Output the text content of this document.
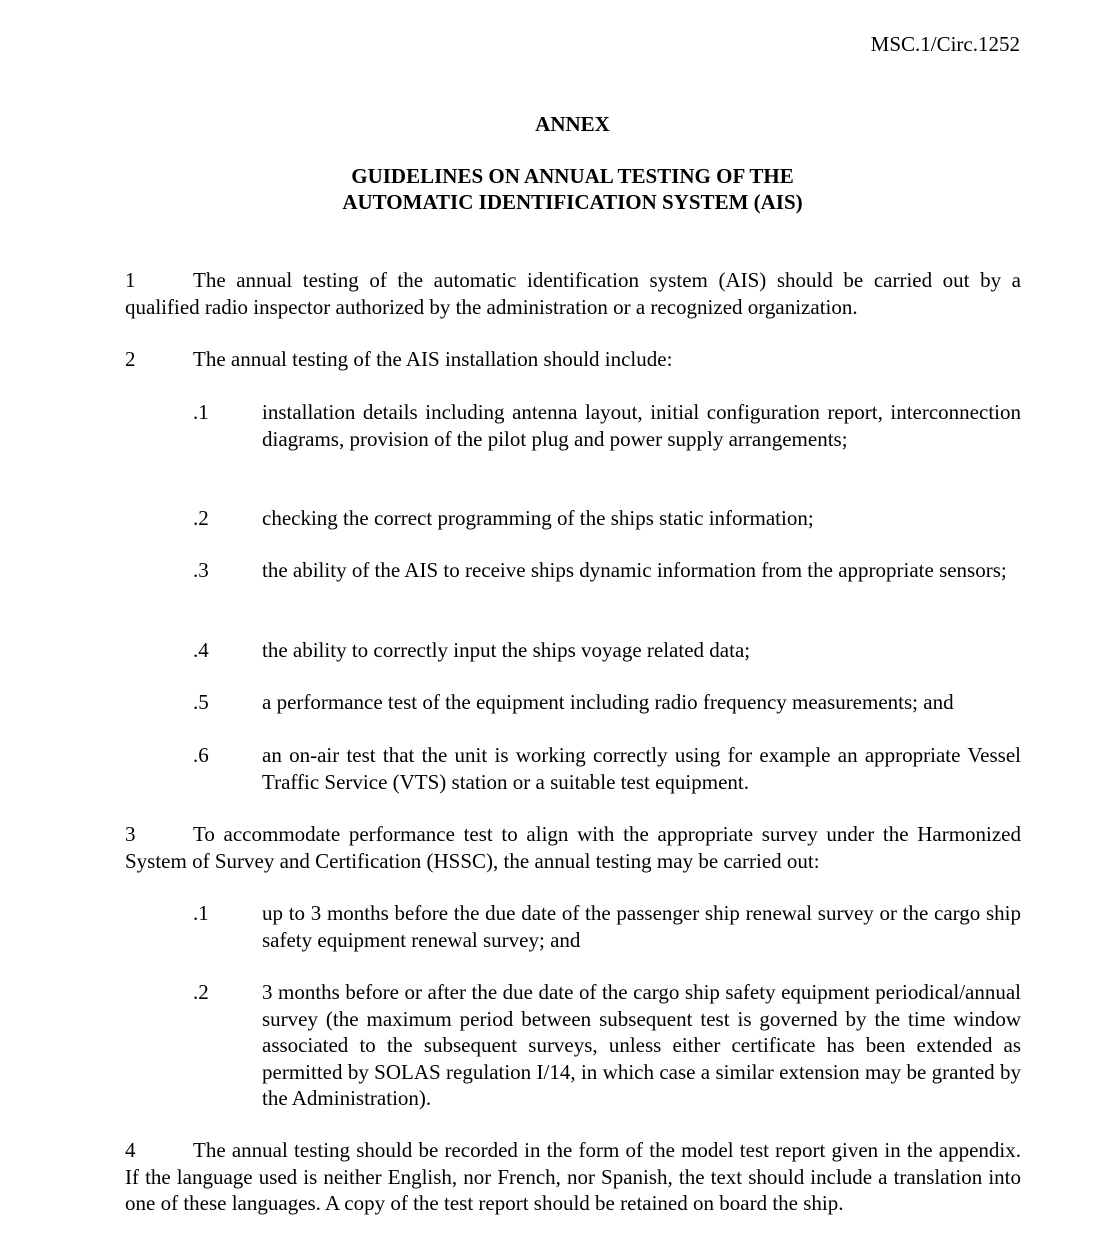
MSC.1/Circ.1252
ANNEX
GUIDELINES ON ANNUAL TESTING OF THE
AUTOMATIC IDENTIFICATION SYSTEM (AIS)
1	The annual testing of the automatic identification system (AIS) should be carried out by a qualified radio inspector authorized by the administration or a recognized organization.
2	The annual testing of the AIS installation should include:
.1	installation details including antenna layout, initial configuration report, interconnection diagrams, provision of the pilot plug and power supply arrangements;
.2	checking the correct programming of the ships static information;
.3	the ability of the AIS to receive ships dynamic information from the appropriate sensors;
.4	the ability to correctly input the ships voyage related data;
.5	a performance test of the equipment including radio frequency measurements; and
.6	an on-air test that the unit is working correctly using for example an appropriate Vessel Traffic Service (VTS) station or a suitable test equipment.
3	To accommodate performance test to align with the appropriate survey under the Harmonized System of Survey and Certification (HSSC), the annual testing may be carried out:
.1	up to 3 months before the due date of the passenger ship renewal survey or the cargo ship safety equipment renewal survey; and
.2	3 months before or after the due date of the cargo ship safety equipment periodical/annual survey (the maximum period between subsequent test is governed by the time window associated to the subsequent surveys, unless either certificate has been extended as permitted by SOLAS regulation I/14, in which case a similar extension may be granted by the Administration).
4	The annual testing should be recorded in the form of the model test report given in the appendix. If the language used is neither English, nor French, nor Spanish, the text should include a translation into one of these languages. A copy of the test report should be retained on board the ship.
